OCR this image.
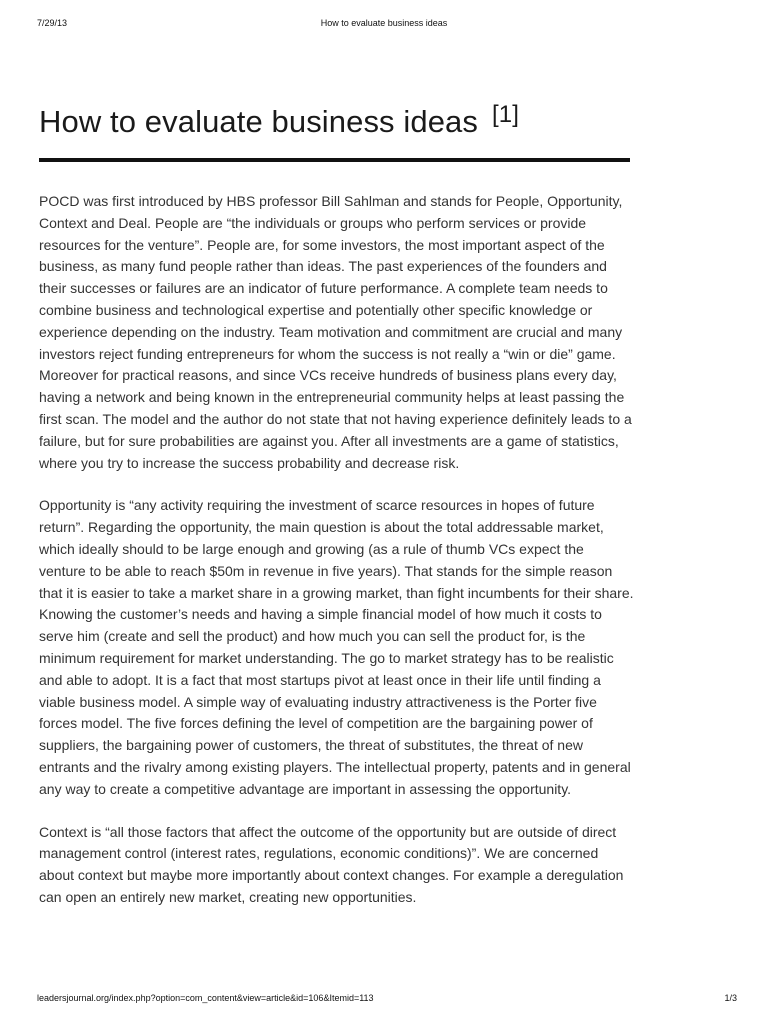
7/29/13	How to evaluate business ideas
How to evaluate business ideas [1]

POCD was first introduced by HBS professor Bill Sahlman and stands for People, Opportunity, Context and Deal. People are “the individuals or groups who perform services or provide resources for the venture”. People are, for some investors, the most important aspect of the business, as many fund people rather than ideas. The past experiences of the founders and their successes or failures are an indicator of future performance. A complete team needs to combine business and technological expertise and potentially other specific knowledge or experience depending on the industry. Team motivation and commitment are crucial and many investors reject funding entrepreneurs for whom the success is not really a “win or die” game. Moreover for practical reasons, and since VCs receive hundreds of business plans every day, having a network and being known in the entrepreneurial community helps at least passing the first scan. The model and the author do not state that not having experience definitely leads to a failure, but for sure probabilities are against you. After all investments are a game of statistics, where you try to increase the success probability and decrease risk.

Opportunity is “any activity requiring the investment of scarce resources in hopes of future return”. Regarding the opportunity, the main question is about the total addressable market, which ideally should to be large enough and growing (as a rule of thumb VCs expect the venture to be able to reach $50m in revenue in five years). That stands for the simple reason that it is easier to take a market share in a growing market, than fight incumbents for their share. Knowing the customer’s needs and having a simple financial model of how much it costs to serve him (create and sell the product) and how much you can sell the product for, is the minimum requirement for market understanding. The go to market strategy has to be realistic and able to adopt. It is a fact that most startups pivot at least once in their life until finding a viable business model. A simple way of evaluating industry attractiveness is the Porter five forces model. The five forces defining the level of competition are the bargaining power of suppliers, the bargaining power of customers, the threat of substitutes, the threat of new entrants and the rivalry among existing players. The intellectual property, patents and in general any way to create a competitive advantage are important in assessing the opportunity.

Context is “all those factors that affect the outcome of the opportunity but are outside of direct management control (interest rates, regulations, economic conditions)”. We are concerned about context but maybe more importantly about context changes. For example a deregulation can open an entirely new market, creating new opportunities.

leadersjournal.org/index.php?option=com_content&view=article&id=106&Itemid=113	1/3
